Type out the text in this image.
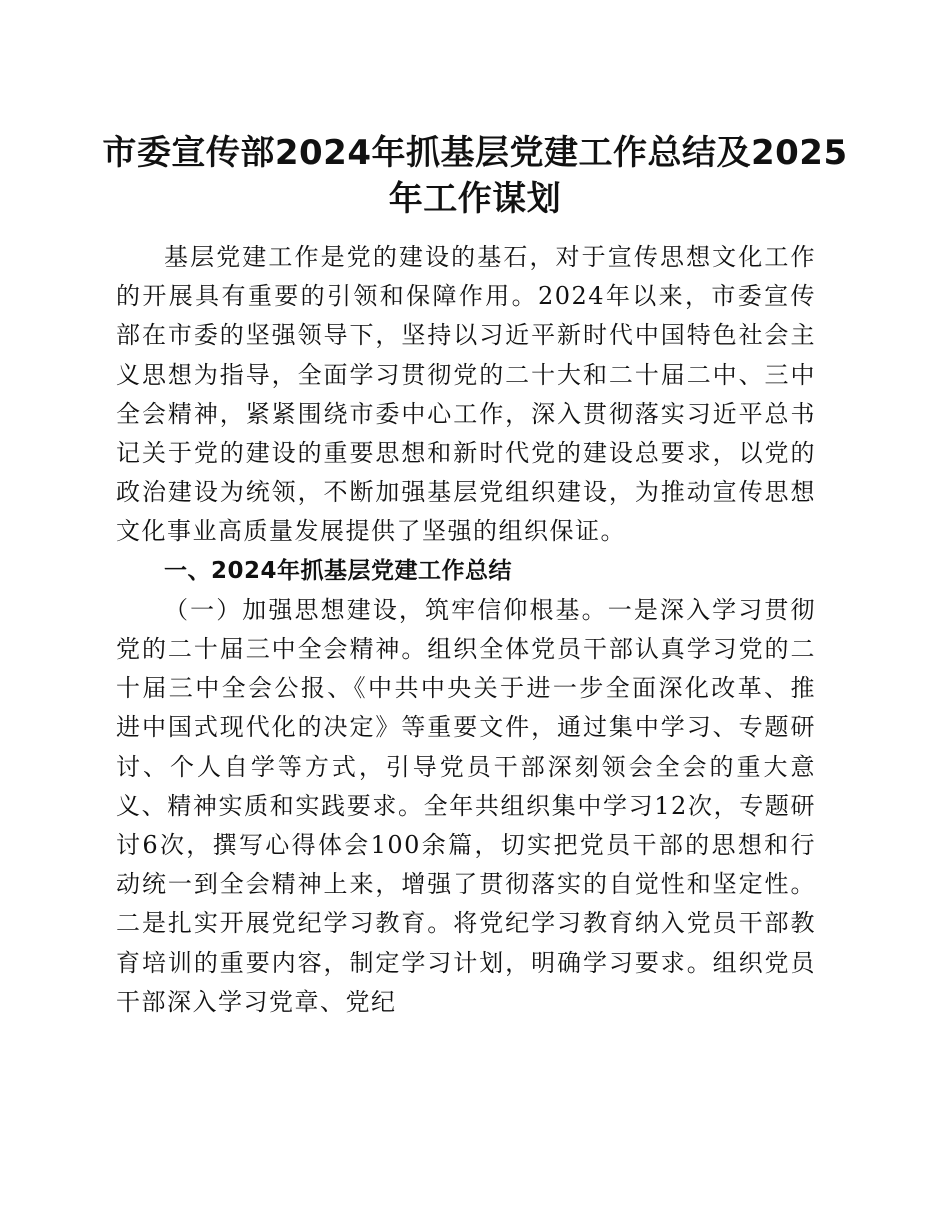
市委宣传部2024年抓基层党建工作总结及2025年工作谋划

基层党建工作是党的建设的基石，对于宣传思想文化工作的开展具有重要的引领和保障作用。2024年以来，市委宣传部在市委的坚强领导下，坚持以习近平新时代中国特色社会主义思想为指导，全面学习贯彻党的二十大和二十届二中、三中全会精神，紧紧围绕市委中心工作，深入贯彻落实习近平总书记关于党的建设的重要思想和新时代党的建设总要求，以党的政治建设为统领，不断加强基层党组织建设，为推动宣传思想文化事业高质量发展提供了坚强的组织保证。

一、2024年抓基层党建工作总结

（一）加强思想建设，筑牢信仰根基。一是深入学习贯彻党的二十届三中全会精神。组织全体党员干部认真学习党的二十届三中全会公报、《中共中央关于进一步全面深化改革、推进中国式现代化的决定》等重要文件，通过集中学习、专题研讨、个人自学等方式，引导党员干部深刻领会全会的重大意义、精神实质和实践要求。全年共组织集中学习12次，专题研讨6次，撰写心得体会100余篇，切实把党员干部的思想和行动统一到全会精神上来，增强了贯彻落实的自觉性和坚定性。二是扎实开展党纪学习教育。将党纪学习教育纳入党员干部教育培训的重要内容，制定学习计划，明确学习要求。组织党员干部深入学习党章、党纪
